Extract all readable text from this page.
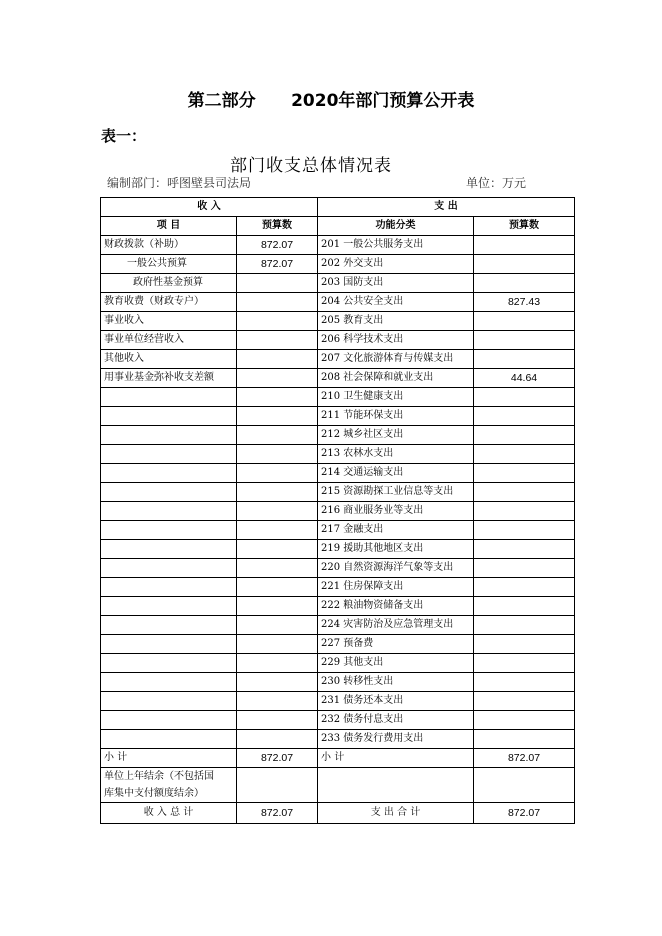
第二部分      2020年部门预算公开表
表一：
部门收支总体情况表
编制部门：呼图壁县司法局	单位：万元
收 入		支 出	
项 目	预算数	功能分类	预算数
财政拨款（补助）	872.07	201 一般公共服务支出	
一般公共预算	872.07	202 外交支出	
政府性基金预算		203 国防支出	
教育收费（财政专户）		204 公共安全支出	827.43
事业收入		205 教育支出	
事业单位经营收入		206 科学技术支出	
其他收入		207 文化旅游体育与传媒支出	
用事业基金弥补收支差额		208 社会保障和就业支出	44.64
		210 卫生健康支出	
		211 节能环保支出	
		212 城乡社区支出	
		213 农林水支出	
		214 交通运输支出	
		215 资源勘探工业信息等支出	
		216 商业服务业等支出	
		217 金融支出	
		219 援助其他地区支出	
		220 自然资源海洋气象等支出	
		221 住房保障支出	
		222 粮油物资储备支出	
		224 灾害防治及应急管理支出	
		227 预备费	
		229 其他支出	
		230 转移性支出	
		231 债务还本支出	
		232 债务付息支出	
		233 债务发行费用支出	
小 计	872.07	小 计	872.07

单位上年结余（不包括国
库集中支付额度结余）			

收 入 总 计	872.07	支 出 合 计	872.07
